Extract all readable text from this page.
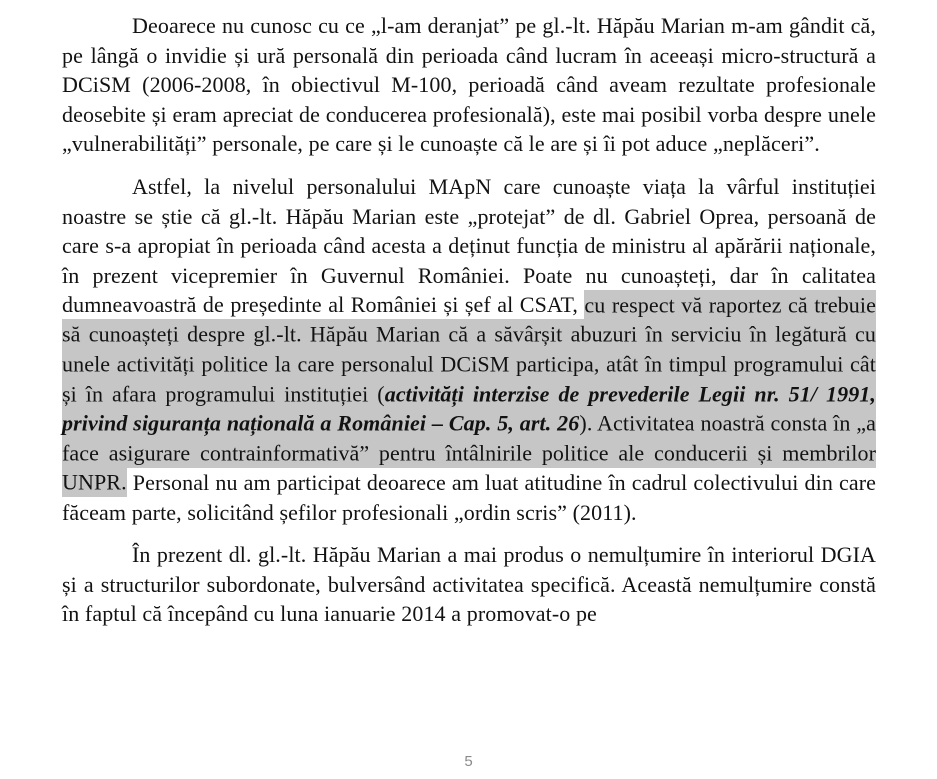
Deoarece nu cunosc cu ce „l-am deranjat” pe gl.-lt. Hăpău Marian m-am gândit că, pe lângă o invidie și ură personală din perioada când lucram în aceeași micro-structură a DCiSM (2006-2008, în obiectivul M-100, perioadă când aveam rezultate profesionale deosebite și eram apreciat de conducerea profesională), este mai posibil vorba despre unele „vulnerabilități” personale, pe care și le cunoaște că le are și îi pot aduce „neplăceri”.

Astfel, la nivelul personalului MApN care cunoaște viața la vârful instituției noastre se știe că gl.-lt. Hăpău Marian este „protejat” de dl. Gabriel Oprea, persoană de care s-a apropiat în perioada când acesta a deținut funcția de ministru al apărării naționale, în prezent vicepremier în Guvernul României. Poate nu cunoașteți, dar în calitatea dumneavoastră de președinte al României și șef al CSAT, cu respect vă raportez că trebuie să cunoașteți despre gl.-lt. Hăpău Marian că a săvârșit abuzuri în serviciu în legătură cu unele activități politice la care personalul DCiSM participa, atât în timpul programului cât și în afara programului instituției (activități interzise de prevederile Legii nr. 51/ 1991, privind siguranța națională a României – Cap. 5, art. 26). Activitatea noastră consta în „a face asigurare contrainformativă” pentru întâlnirile politice ale conducerii și membrilor UNPR. Personal nu am participat deoarece am luat atitudine în cadrul colectivului din care făceam parte, solicitând șefilor profesionali „ordin scris” (2011).

În prezent dl. gl.-lt. Hăpău Marian a mai produs o nemulțumire în interiorul DGIA și a structurilor subordonate, bulversând activitatea specifică. Această nemulțumire constă în faptul că începând cu luna ianuarie 2014 a promovat-o pe

5
